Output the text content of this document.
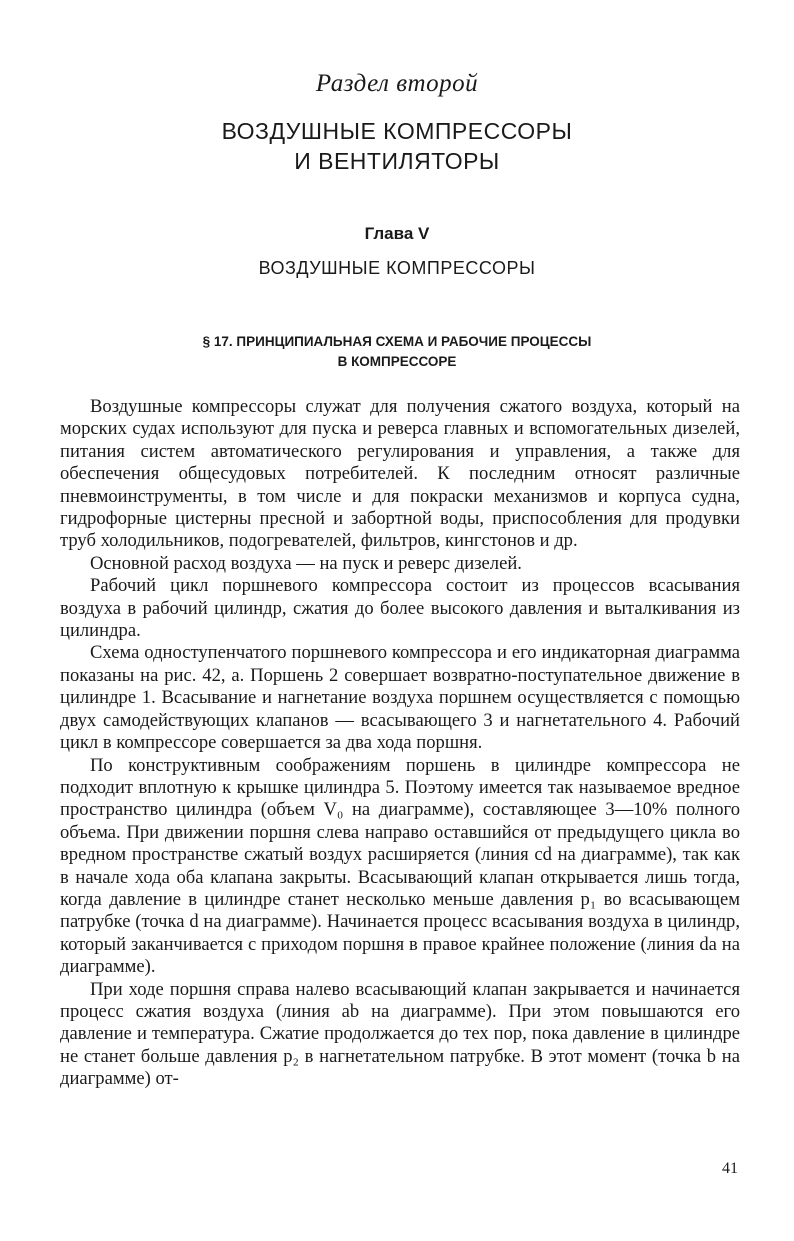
Раздел второй
ВОЗДУШНЫЕ КОМПРЕССОРЫ
И ВЕНТИЛЯТОРЫ
Глава V
ВОЗДУШНЫЕ КОМПРЕССОРЫ
§ 17. ПРИНЦИПИАЛЬНАЯ СХЕМА И РАБОЧИЕ ПРОЦЕССЫ
В КОМПРЕССОРЕ

Воздушные компрессоры служат для получения сжатого воздуха, который на морских судах используют для пуска и реверса главных и вспомогательных дизелей, питания систем автоматического регулирования и управления, а также для обеспечения общесудовых потребителей. К последним относят различные пневмоинструменты, в том числе и для покраски механизмов и корпуса судна, гидрофорные цистерны пресной и забортной воды, приспособления для продувки труб холодильников, подогревателей, фильтров, кингстонов и др.

Основной расход воздуха — на пуск и реверс дизелей.

Рабочий цикл поршневого компрессора состоит из процессов всасывания воздуха в рабочий цилиндр, сжатия до более высокого давления и выталкивания из цилиндра.

Схема одноступенчатого поршневого компрессора и его индикаторная диаграмма показаны на рис. 42, а. Поршень 2 совершает возвратно-поступательное движение в цилиндре 1. Всасывание и нагнетание воздуха поршнем осуществляется с помощью двух самодействующих клапанов — всасывающего 3 и нагнетательного 4. Рабочий цикл в компрессоре совершается за два хода поршня.

По конструктивным соображениям поршень в цилиндре компрессора не подходит вплотную к крышке цилиндра 5. Поэтому имеется так называемое вредное пространство цилиндра (объем V₀ на диаграмме), составляющее 3—10% полного объема. При движении поршня слева направо оставшийся от предыдущего цикла во вредном пространстве сжатый воздух расширяется (линия cd на диаграмме), так как в начале хода оба клапана закрыты. Всасывающий клапан открывается лишь тогда, когда давление в цилиндре станет несколько меньше давления p₁ во всасывающем патрубке (точка d на диаграмме). Начинается процесс всасывания воздуха в цилиндр, который заканчивается с приходом поршня в правое крайнее положение (линия da на диаграмме).

При ходе поршня справа налево всасывающий клапан закрывается и начинается процесс сжатия воздуха (линия ab на диаграмме). При этом повышаются его давление и температура. Сжатие продолжается до тех пор, пока давление в цилиндре не станет больше давления p₂ в нагнетательном патрубке. В этот момент (точка b на диаграмме) от-

41
